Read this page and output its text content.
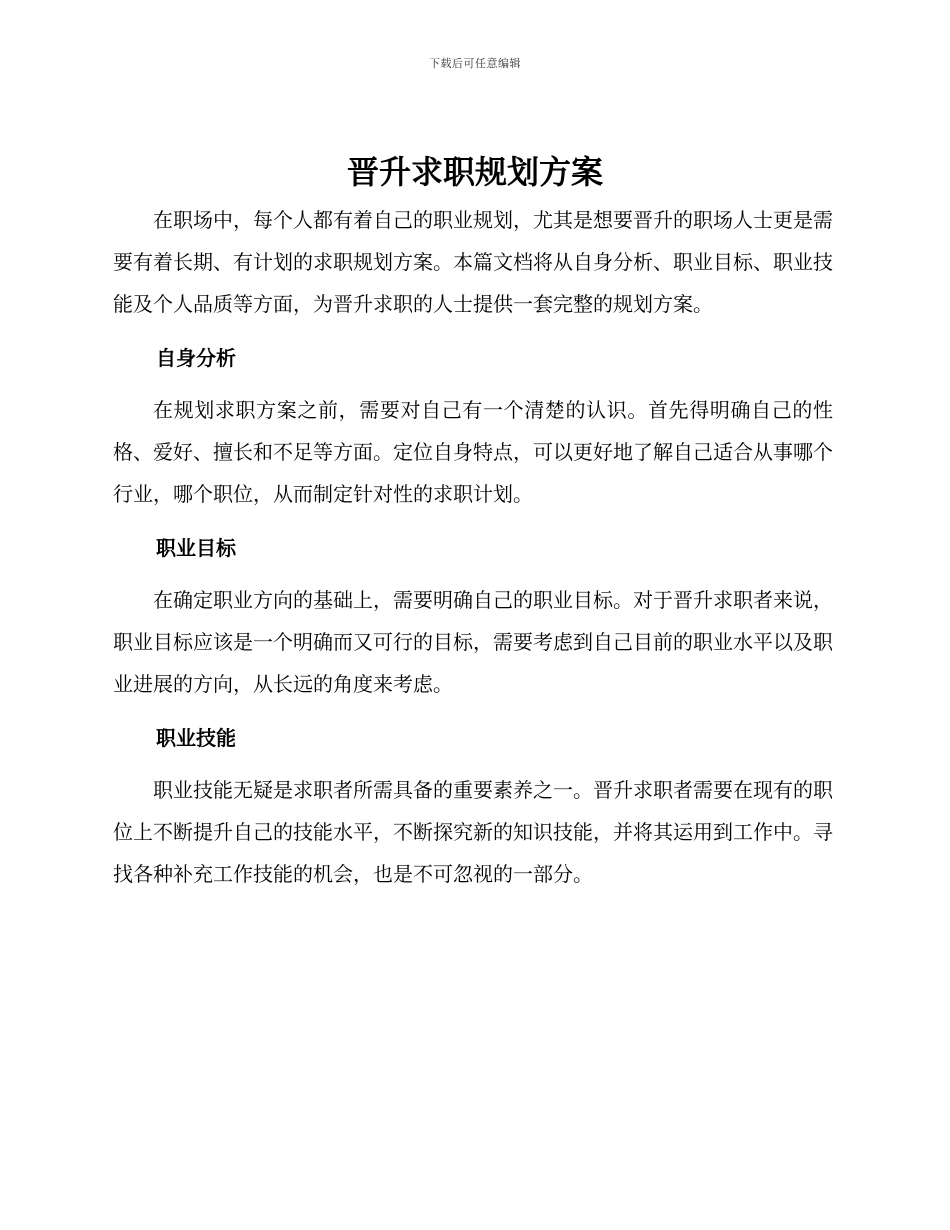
下载后可任意编辑
晋升求职规划方案

在职场中，每个人都有着自己的职业规划，尤其是想要晋升的职场人士更是需要有着长期、有计划的求职规划方案。本篇文档将从自身分析、职业目标、职业技能及个人品质等方面，为晋升求职的人士提供一套完整的规划方案。

自身分析

在规划求职方案之前，需要对自己有一个清楚的认识。首先得明确自己的性格、爱好、擅长和不足等方面。定位自身特点，可以更好地了解自己适合从事哪个行业，哪个职位，从而制定针对性的求职计划。

职业目标

在确定职业方向的基础上，需要明确自己的职业目标。对于晋升求职者来说，职业目标应该是一个明确而又可行的目标，需要考虑到自己目前的职业水平以及职业进展的方向，从长远的角度来考虑。

职业技能

职业技能无疑是求职者所需具备的重要素养之一。晋升求职者需要在现有的职位上不断提升自己的技能水平，不断探究新的知识技能，并将其运用到工作中。寻找各种补充工作技能的机会，也是不可忽视的一部分。
